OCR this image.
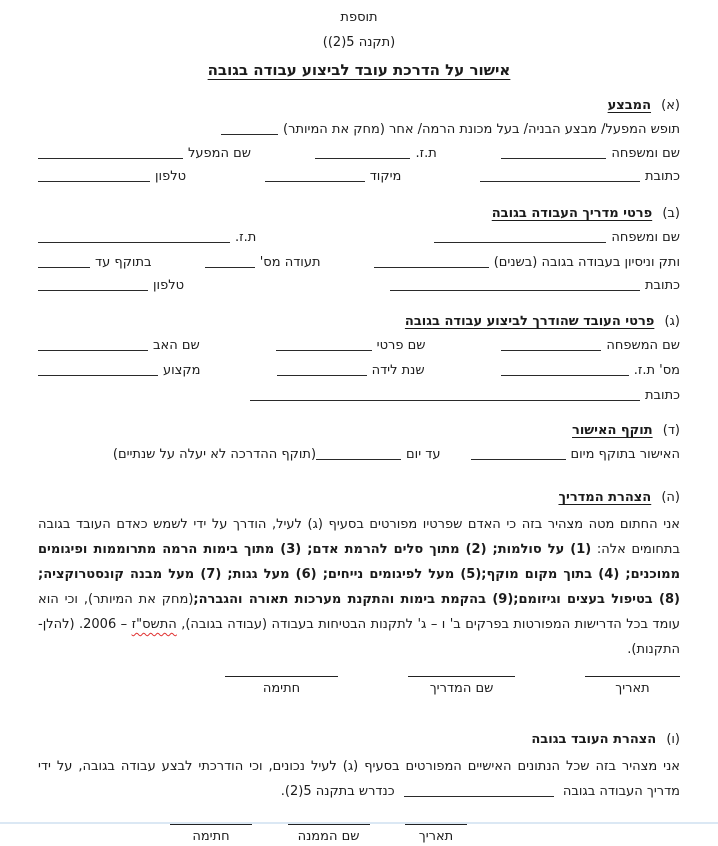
תוספת
(תקנה 5(2))
אישור על הדרכת עובד לביצוע עבודה בגובה
(א) המבצע
תופש המפעל/ מבצע הבניה/ בעל מכונת הרמה/ אחר (מחק את המיותר)
שם ומשפחה
ת.ז.
שם המפעל
כתובת
מיקוד
טלפון
(ב) פרטי מדריך העבודה בגובה
שם ומשפחה
ת.ז.
ותק וניסיון בעבודה בגובה (בשנים)
תעודה מס'
בתוקף עד
כתובת
טלפון
(ג) פרטי העובד שהודרך לביצוע עבודה בגובה
שם המשפחה
שם פרטי
שם האב
מס' ת.ז.
שנת לידה
מקצוע
כתובת
(ד) תוקף האישור
האישור בתוקף מיוםעד יום(תוקף ההדרכה לא יעלה על שנתיים)
(ה) הצהרת המדריך
אני החתום מטה מצהיר בזה כי האדם שפרטיו מפורטים בסעיף (ג) לעיל, הודרך על ידי לשמש כאדם העובד בגובה בתחומים אלה: (1) על סולמות; (2) מתוך סלים להרמת אדם; (3) מתוך בימות הרמה מתרוממות ופיגומים ממוכנים; (4) בתוך מקום מוקף;(5) מעל לפיגומים נייחים; (6) מעל גגות; (7) מעל מבנה קונסטרוקציה; (8) בטיפול בעצים וגיזומם;(9) בהקמת בימות והתקנת מערכות תאורה והגברה;(מחק את המיותר), וכי הוא עומד בכל הדרישות המפורטות בפרקים ב' ו – ג' לתקנות הבטיחות בעבודה (עבודה בגובה), התשס"ז – 2006. (להלן- התקנות).
תאריך
שם המדריך
חתימה
(ו) הצהרת העובד בגובה
אני מצהיר בזה שכל הנתונים האישיים המפורטים בסעיף (ג) לעיל נכונים, וכי הודרכתי לבצע עבודה בגובה, על ידי מדריך העבודה בגובה  כנדרש בתקנה 5(2).
תאריך
שם הממנה
חתימה
